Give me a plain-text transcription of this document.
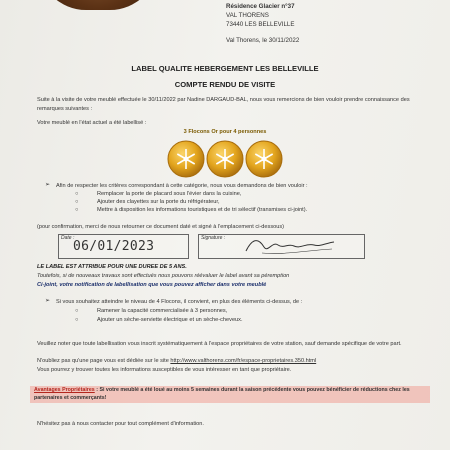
Résidence Glacier n°37
VAL THORENS
73440 LES BELLEVILLE
Val Thorens, le 30/11/2022
LABEL QUALITE HEBERGEMENT LES BELLEVILLE
COMPTE RENDU DE VISITE
Suite à la visite de votre meublé effectuée le 30/11/2022 par Nadine DARGAUD-BAL, nous vous remercions de bien vouloir prendre connaissance des remarques suivantes :
Votre meublé en l'état actuel a été labellisé :
3 Flocons Or pour 4 personnes
➢ Afin de respecter les critères correspondant à cette catégorie, nous vous demandons de bien vouloir :
○	Remplacer la porte de placard sous l'évier dans la cuisine,
○	Ajouter des clayettes sur la porte du réfrigérateur,
○	Mettre à disposition les informations touristiques et de tri sélectif (transmises ci-joint).
(pour confirmation, merci de nous retourner ce document daté et signé à l'emplacement ci-dessous)
Date :
06/01/2023
Signature :
LE LABEL EST ATTRIBUE POUR UNE DUREE DE 5 ANS.
Toutefois, si de nouveaux travaux sont effectués nous pouvons réévaluer le label avant sa péremption
Ci-joint, votre notification de labellisation que vous pouvez afficher dans votre meublé
➢ Si vous souhaitez atteindre le niveau de 4 Flocons, il convient, en plus des éléments ci-dessus, de :
○	Ramener la capacité commercialisée à 3 personnes,
○	Ajouter un sèche-serviette électrique et un sèche-cheveux.
Veuillez noter que toute labellisation vous inscrit systématiquement à l'espace propriétaires de votre station, sauf demande spécifique de votre part.
N'oubliez pas qu'une page vous est dédiée sur le site http://www.valthorens.com/fr/espace-proprietaires.350.html
Vous pourrez y trouver toutes les informations susceptibles de vous intéresser en tant que propriétaire.
Avantages Propriétaires : Si votre meublé a été loué au moins 5 semaines durant la saison précédente vous pouvez bénéficier de réductions chez les partenaires et commerçants!
N'hésitez pas à nous contacter pour tout complément d'information.
